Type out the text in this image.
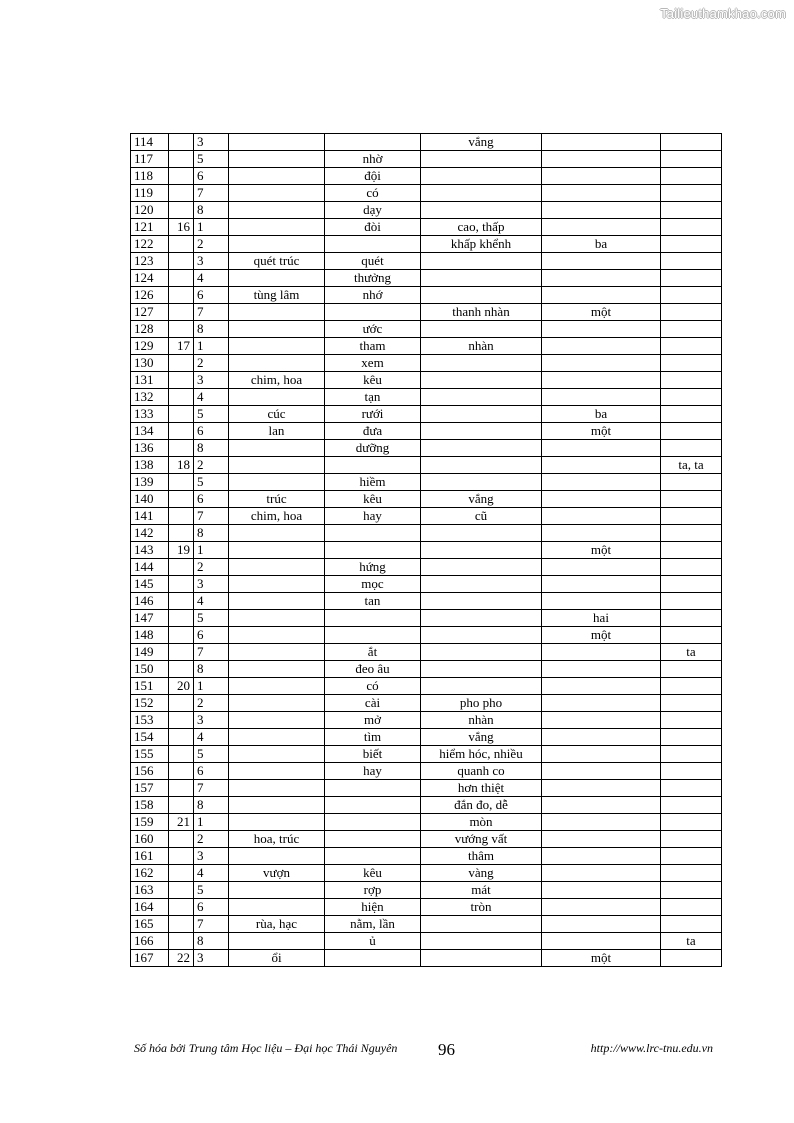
Tailieuthamkhao.com
114		3			vắng		
117		5		nhờ			
118		6		đội			
119		7		có			
120		8		dạy			
121	16	1		đòi	cao, thấp		
122		2			khấp khểnh	ba	
123		3	quét trúc	quét			
124		4		thưởng			
126		6	tùng lâm	nhớ			
127		7			thanh nhàn	một	
128		8		ước			
129	17	1		tham	nhàn		
130		2		xem			
131		3	chim, hoa	kêu			
132		4		tạn			
133		5	cúc	rưới		ba	
134		6	lan	đưa		một	
136		8		dưỡng			
138	18	2					ta, ta
139		5		hiềm			
140		6	trúc	kêu	vắng		
141		7	chim, hoa	hay	cũ		
142		8					
143	19	1				một	
144		2		hứng			
145		3		mọc			
146		4		tan			
147		5				hai	
148		6				một	
149		7		ắt			ta
150		8		đeo âu			
151	20	1		có			
152		2		cài	pho pho		
153		3		mở	nhàn		
154		4		tìm	vắng		
155		5		biết	hiểm hóc, nhiều		
156		6		hay	quanh co		
157		7			hơn thiệt		
158		8			đắn đo, dễ		
159	21	1			mòn		
160		2	hoa, trúc		vướng vất		
161		3			thâm		
162		4	vượn	kêu	vàng		
163		5		rợp	mát		
164		6		hiện	tròn		
165		7	rùa, hạc	nằm, lần			
166		8		ủ			ta
167	22	3	ổi			một	
Số hóa bởi Trung tâm Học liệu – Đại học Thái Nguyên 96	http://www.lrc-tnu.edu.vn
